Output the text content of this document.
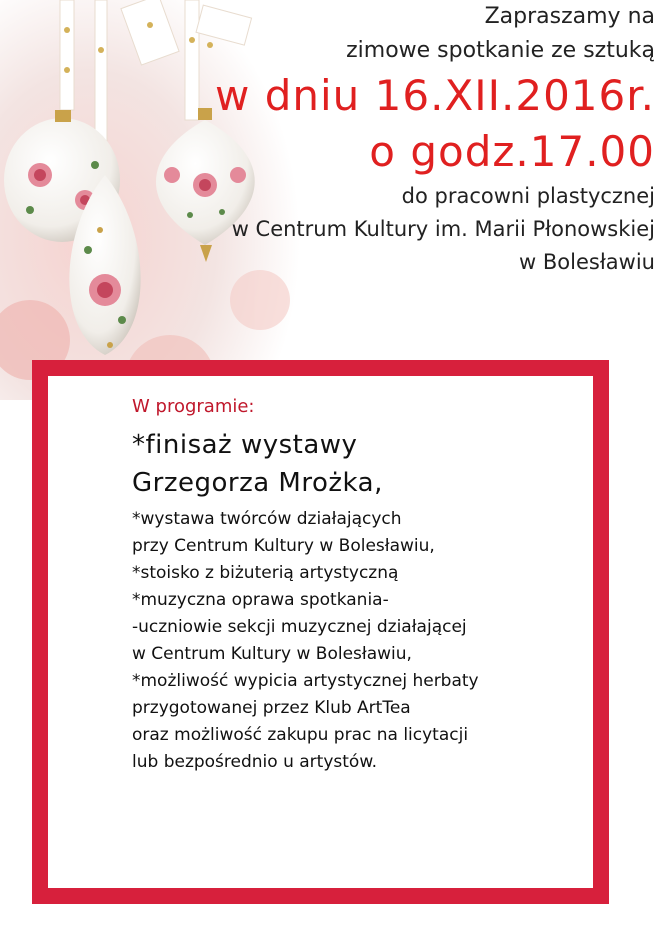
Zapraszamy na
zimowe spotkanie ze sztuką
w dniu 16.XII.2016r.
o godz.17.00
do pracowni plastycznej
w Centrum Kultury im. Marii Płonowskiej
w Bolesławiu
W programie:
*finisaż wystawy
Grzegorza Mrożka,
*wystawa twórców działających
przy Centrum Kultury w Bolesławiu,
*stoisko z biżuterią artystyczną
*muzyczna oprawa spotkania-
-uczniowie sekcji muzycznej działającej
w Centrum Kultury w Bolesławiu,
*możliwość wypicia artystycznej herbaty
przygotowanej przez Klub ArtTea
oraz możliwość zakupu prac na licytacji
lub bezpośrednio u artystów.
